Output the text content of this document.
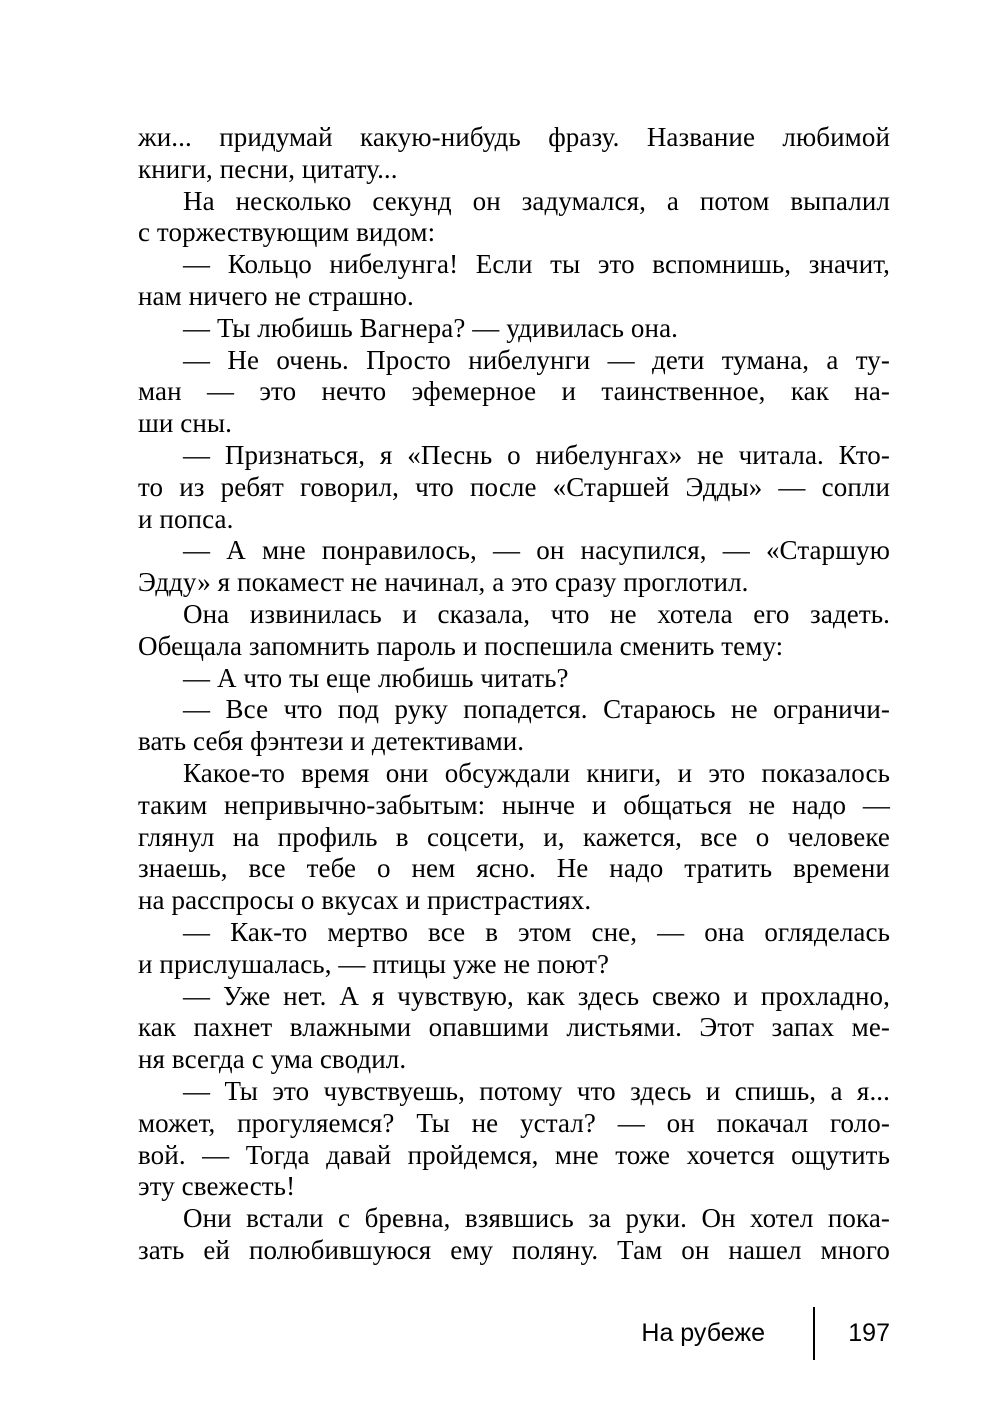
жи... придумай какую-нибудь фразу. Название любимой
книги, песни, цитату...
На несколько секунд он задумался, а потом выпалил
с торжествующим видом:
— Кольцо нибелунга! Если ты это вспомнишь, значит,
нам ничего не страшно.
— Ты любишь Вагнера? — удивилась она.
— Не очень. Просто нибелунги — дети тумана, а ту-
ман — это нечто эфемерное и таинственное, как на-
ши сны.
— Признаться, я «Песнь о нибелунгах» не читала. Кто-
то из ребят говорил, что после «Старшей Эдды» — сопли
и попса.
— А мне понравилось, — он насупился, — «Старшую
Эдду» я покамест не начинал, а это сразу проглотил.
Она извинилась и сказала, что не хотела его задеть.
Обещала запомнить пароль и поспешила сменить тему:
— А что ты еще любишь читать?
— Все что под руку попадется. Стараюсь не ограничи-
вать себя фэнтези и детективами.
Какое-то время они обсуждали книги, и это показалось
таким непривычно-забытым: нынче и общаться не надо —
глянул на профиль в соцсети, и, кажется, все о человеке
знаешь, все тебе о нем ясно. Не надо тратить времени
на расспросы о вкусах и пристрастиях.
— Как-то мертво все в этом сне, — она огляделась
и прислушалась, — птицы уже не поют?
— Уже нет. А я чувствую, как здесь свежо и прохладно,
как пахнет влажными опавшими листьями. Этот запах ме-
ня всегда с ума сводил.
— Ты это чувствуешь, потому что здесь и спишь, а я...
может, прогуляемся? Ты не устал? — он покачал голо-
вой. — Тогда давай пройдемся, мне тоже хочется ощутить
эту свежесть!
Они встали с бревна, взявшись за руки. Он хотел пока-
зать ей полюбившуюся ему поляну. Там он нашел много
На рубеже	197
